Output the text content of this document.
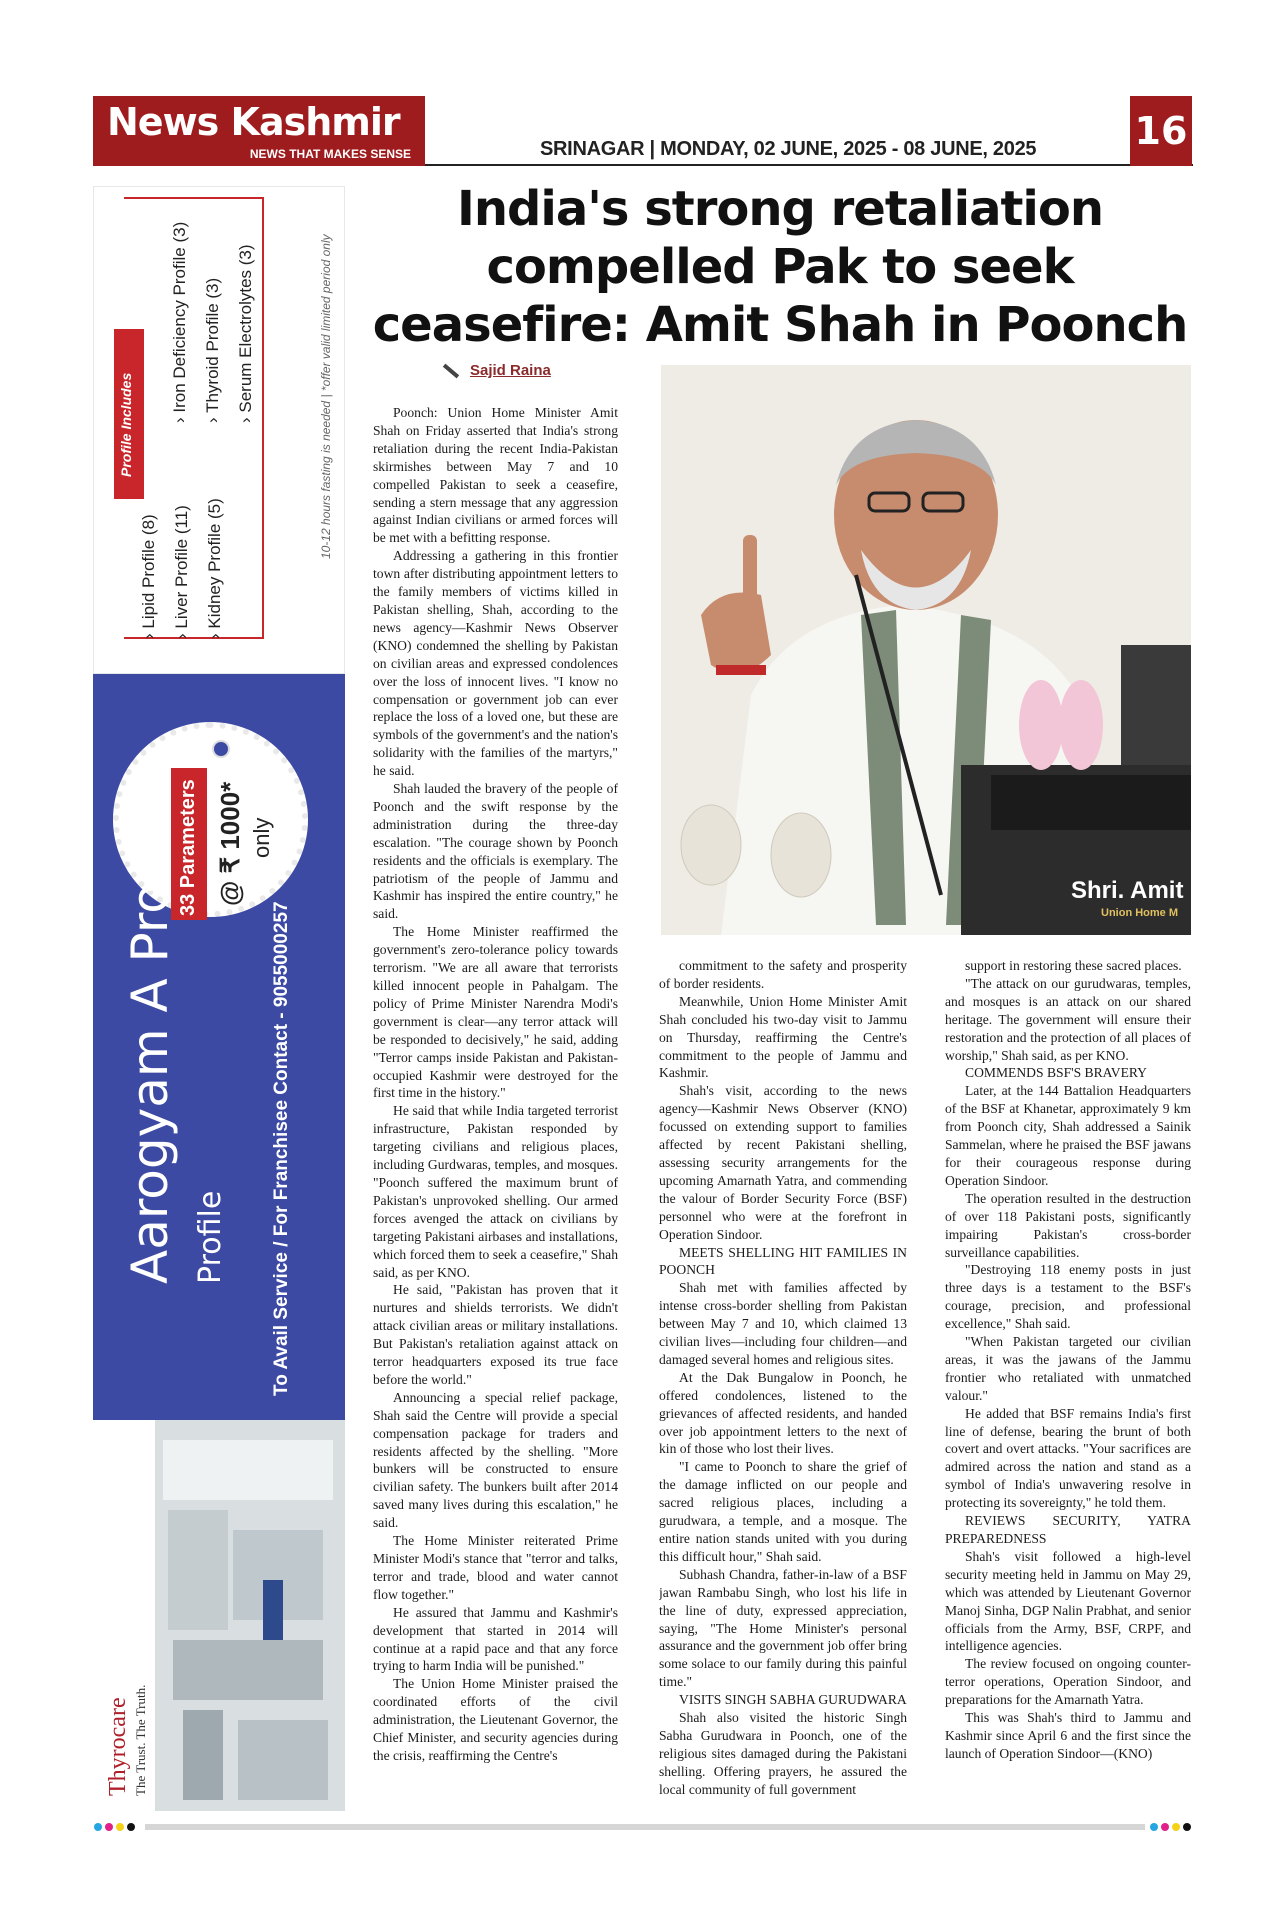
News Kashmir
NEWS THAT MAKES SENSE	SRINAGAR | MONDAY, 02 JUNE, 2025 - 08 JUNE, 2025	16
Profile Includes
› Lipid Profile (8) › Liver Profile (11) › Kidney Profile (5)
› Iron Deficiency Profile (3) › Thyroid Profile (3) › Serum Electrolytes (3)	10-12 hours fasting is needed | *offer valid limited period only
33 Parameters @ ₹ 1000* only
Aarogyam A Pro Profile To Avail Service / For Franchisee Contact - 9055000257
Thyrocare The Trust. The Truth.
India's strong retaliation compelled Pak to seek ceasefire: Amit Shah in Poonch
Sajid Raina
Shri. Amit
Union Home M

Poonch: Union Home Minister Amit Shah on Friday asserted that India's strong retaliation during the recent India-Pakistan skirmishes between May 7 and 10 compelled Pakistan to seek a ceasefire, sending a stern message that any aggression against Indian civilians or armed forces will be met with a befitting response.

Addressing a gathering in this frontier town after distributing appointment letters to the family members of victims killed in Pakistan shelling, Shah, according to the news agency—Kashmir News Observer (KNO) condemned the shelling by Pakistan on civilian areas and expressed condolences over the loss of innocent lives. "I know no compensation or government job can ever replace the loss of a loved one, but these are symbols of the government's and the nation's solidarity with the families of the martyrs," he said.

Shah lauded the bravery of the people of Poonch and the swift response by the administration during the three-day escalation. "The courage shown by Poonch residents and the officials is exemplary. The patriotism of the people of Jammu and Kashmir has inspired the entire country," he said.

The Home Minister reaffirmed the government's zero-tolerance policy towards terrorism. "We are all aware that terrorists killed innocent people in Pahalgam. The policy of Prime Minister Narendra Modi's government is clear—any terror attack will be responded to decisively," he said, adding "Terror camps inside Pakistan and Pakistan-occupied Kashmir were destroyed for the first time in the history."

He said that while India targeted terrorist infrastructure, Pakistan responded by targeting civilians and religious places, including Gurdwaras, temples, and mosques. "Poonch suffered the maximum brunt of Pakistan's unprovoked shelling. Our armed forces avenged the attack on civilians by targeting Pakistani airbases and installations, which forced them to seek a ceasefire," Shah said, as per KNO.

He said, "Pakistan has proven that it nurtures and shields terrorists. We didn't attack civilian areas or military installations. But Pakistan's retaliation against attack on terror headquarters exposed its true face before the world."

Announcing a special relief package, Shah said the Centre will provide a special compensation package for traders and residents affected by the shelling. "More bunkers will be constructed to ensure civilian safety. The bunkers built after 2014 saved many lives during this escalation," he said.

The Home Minister reiterated Prime Minister Modi's stance that "terror and talks, terror and trade, blood and water cannot flow together."

He assured that Jammu and Kashmir's development that started in 2014 will continue at a rapid pace and that any force trying to harm India will be punished."

The Union Home Minister praised the coordinated efforts of the civil administration, the Lieutenant Governor, the Chief Minister, and security agencies during the crisis, reaffirming the Centre's

commitment to the safety and prosperity of border residents.

Meanwhile, Union Home Minister Amit Shah concluded his two-day visit to Jammu on Thursday, reaffirming the Centre's commitment to the people of Jammu and Kashmir.

Shah's visit, according to the news agency—Kashmir News Observer (KNO) focussed on extending support to families affected by recent Pakistani shelling, assessing security arrangements for the upcoming Amarnath Yatra, and commending the valour of Border Security Force (BSF) personnel who were at the forefront in Operation Sindoor.

MEETS SHELLING HIT FAMILIES IN POONCH

Shah met with families affected by intense cross-border shelling from Pakistan between May 7 and 10, which claimed 13 civilian lives—including four children—and damaged several homes and religious sites.

At the Dak Bungalow in Poonch, he offered condolences, listened to the grievances of affected residents, and handed over job appointment letters to the next of kin of those who lost their lives.

"I came to Poonch to share the grief of the damage inflicted on our people and sacred religious places, including a gurudwara, a temple, and a mosque. The entire nation stands united with you during this difficult hour," Shah said.

Subhash Chandra, father-in-law of a BSF jawan Rambabu Singh, who lost his life in the line of duty, expressed appreciation, saying, "The Home Minister's personal assurance and the government job offer bring some solace to our family during this painful time."

VISITS SINGH SABHA GURUDWARA

Shah also visited the historic Singh Sabha Gurudwara in Poonch, one of the religious sites damaged during the Pakistani shelling. Offering prayers, he assured the local community of full government

support in restoring these sacred places.

"The attack on our gurudwaras, temples, and mosques is an attack on our shared heritage. The government will ensure their restoration and the protection of all places of worship," Shah said, as per KNO.

COMMENDS BSF'S BRAVERY

Later, at the 144 Battalion Headquarters of the BSF at Khanetar, approximately 9 km from Poonch city, Shah addressed a Sainik Sammelan, where he praised the BSF jawans for their courageous response during Operation Sindoor.

The operation resulted in the destruction of over 118 Pakistani posts, significantly impairing Pakistan's cross-border surveillance capabilities.

"Destroying 118 enemy posts in just three days is a testament to the BSF's courage, precision, and professional excellence," Shah said.

"When Pakistan targeted our civilian areas, it was the jawans of the Jammu frontier who retaliated with unmatched valour."

He added that BSF remains India's first line of defense, bearing the brunt of both covert and overt attacks. "Your sacrifices are admired across the nation and stand as a symbol of India's unwavering resolve in protecting its sovereignty," he told them.

REVIEWS SECURITY, YATRA PREPAREDNESS

Shah's visit followed a high-level security meeting held in Jammu on May 29, which was attended by Lieutenant Governor Manoj Sinha, DGP Nalin Prabhat, and senior officials from the Army, BSF, CRPF, and intelligence agencies.

The review focused on ongoing counter-terror operations, Operation Sindoor, and preparations for the Amarnath Yatra.

This was Shah's third to Jammu and Kashmir since April 6 and the first since the launch of Operation Sindoor—(KNO)
